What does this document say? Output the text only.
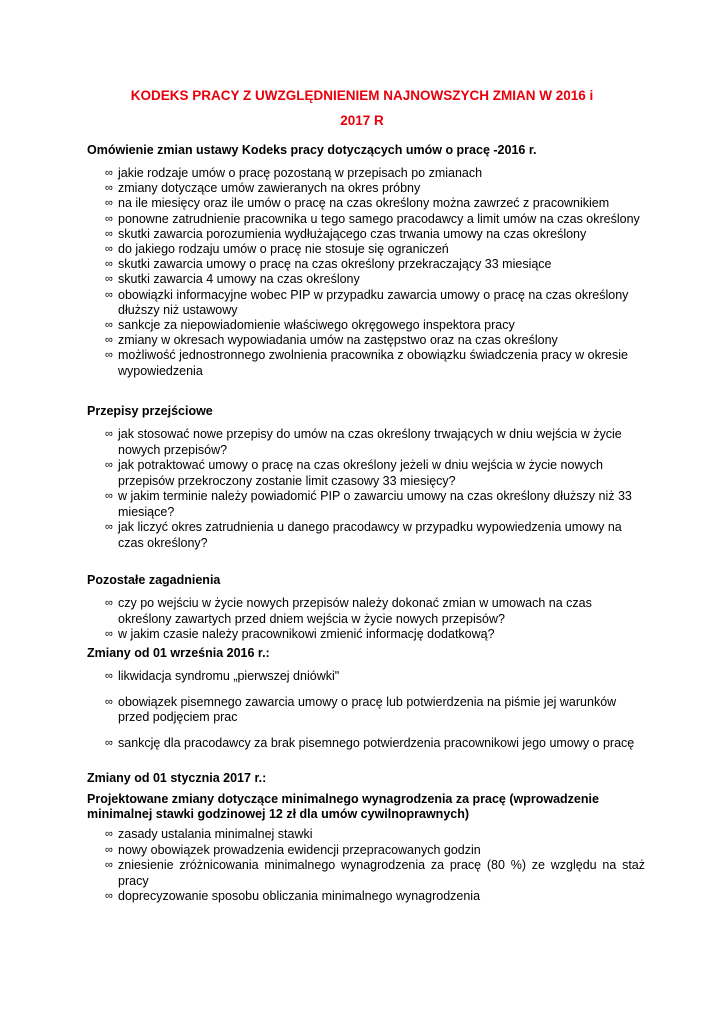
KODEKS PRACY Z UWZGLĘDNIENIEM NAJNOWSZYCH ZMIAN W 2016 i
2017 R
Omówienie zmian ustawy Kodeks pracy dotyczących umów o pracę -2016 r.
∞ jakie rodzaje umów o pracę pozostaną w przepisach po zmianach
∞ zmiany dotyczące umów zawieranych na okres próbny
∞ na ile miesięcy oraz ile umów o pracę na czas określony można zawrzeć z pracownikiem
∞ ponowne zatrudnienie pracownika u tego samego pracodawcy a limit umów na czas określony
∞ skutki zawarcia porozumienia wydłużającego czas trwania umowy na czas określony
∞ do jakiego rodzaju umów o pracę nie stosuje się ograniczeń
∞ skutki zawarcia umowy o pracę na czas określony przekraczający 33 miesiące
∞ skutki zawarcia 4 umowy na czas określony
∞ obowiązki informacyjne wobec PIP w przypadku zawarcia umowy o pracę na czas określony dłuższy niż ustawowy
∞ sankcje za niepowiadomienie właściwego okręgowego inspektora pracy
∞ zmiany w okresach wypowiadania umów na zastępstwo oraz na czas określony
∞ możliwość jednostronnego zwolnienia pracownika z obowiązku świadczenia pracy w okresie wypowiedzenia
Przepisy przejściowe
∞ jak stosować nowe przepisy do umów na czas określony trwających w dniu wejścia w życie nowych przepisów?
∞ jak potraktować umowy o pracę na czas określony jeżeli w dniu wejścia w życie nowych przepisów przekroczony zostanie limit czasowy 33 miesięcy?
∞ w jakim terminie należy powiadomić PIP o zawarciu umowy na czas określony dłuższy niż 33 miesiące?
∞ jak liczyć okres zatrudnienia u danego pracodawcy w przypadku wypowiedzenia umowy na czas określony?
Pozostałe zagadnienia
∞ czy po wejściu w życie nowych przepisów należy dokonać zmian w umowach na czas określony zawartych przed dniem wejścia w życie nowych przepisów?
∞ w jakim czasie należy pracownikowi zmienić informację dodatkową?
Zmiany od 01 września 2016 r.:
∞ likwidacja syndromu „pierwszej dniówki"
∞ obowiązek pisemnego zawarcia umowy o pracę lub potwierdzenia na piśmie jej warunków przed podjęciem prac
∞ sankcję dla pracodawcy za brak pisemnego potwierdzenia pracownikowi jego umowy o pracę
Zmiany od 01 stycznia 2017 r.:
Projektowane zmiany dotyczące minimalnego wynagrodzenia za pracę (wprowadzenie minimalnej stawki godzinowej 12 zł dla umów cywilnoprawnych)
∞ zasady ustalania minimalnej stawki
∞ nowy obowiązek prowadzenia ewidencji przepracowanych godzin
∞ zniesienie zróżnicowania minimalnego wynagrodzenia za pracę (80 %) ze względu na staż pracy
∞ doprecyzowanie sposobu obliczania minimalnego wynagrodzenia
